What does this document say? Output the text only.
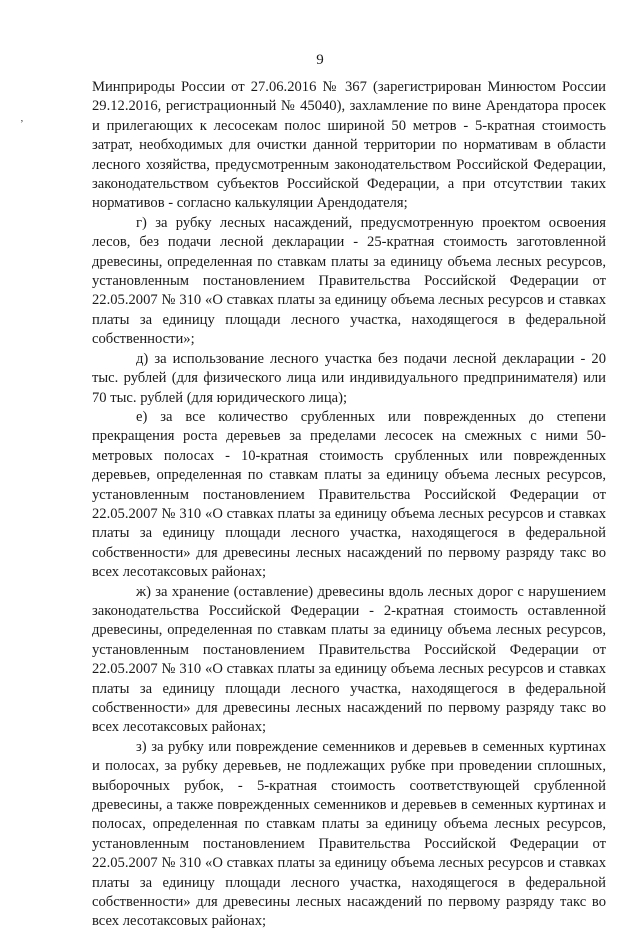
9
ʼ

Минприроды России от 27.06.2016 № 367 (зарегистрирован Минюстом России 29.12.2016, регистрационный № 45040), захламление по вине Арендатора просек и прилегающих к лесосекам полос шириной 50 метров - 5-кратная стоимость затрат, необходимых для очистки данной территории по нормативам в области лесного хозяйства, предусмотренным законодательством Российской Федерации, законодательством субъектов Российской Федерации, а при отсутствии таких нормативов - согласно калькуляции Арендодателя;

г) за рубку лесных насаждений, предусмотренную проектом освоения лесов, без подачи лесной декларации - 25-кратная стоимость заготовленной древесины, определенная по ставкам платы за единицу объема лесных ресурсов, установленным постановлением Правительства Российской Федерации от 22.05.2007 № 310 «О ставках платы за единицу объема лесных ресурсов и ставках платы за единицу площади лесного участка, находящегося в федеральной собственности»;

д) за использование лесного участка без подачи лесной декларации - 20 тыс. рублей (для физического лица или индивидуального предпринимателя) или 70 тыс. рублей (для юридического лица);

е) за все количество срубленных или поврежденных до степени прекращения роста деревьев за пределами лесосек на смежных с ними 50-метровых полосах - 10-кратная стоимость срубленных или поврежденных деревьев, определенная по ставкам платы за единицу объема лесных ресурсов, установленным постановлением Правительства Российской Федерации от 22.05.2007 № 310 «О ставках платы за единицу объема лесных ресурсов и ставках платы за единицу площади лесного участка, находящегося в федеральной собственности» для древесины лесных насаждений по первому разряду такс во всех лесотаксовых районах;

ж) за хранение (оставление) древесины вдоль лесных дорог с нарушением законодательства Российской Федерации - 2-кратная стоимость оставленной древесины, определенная по ставкам платы за единицу объема лесных ресурсов, установленным постановлением Правительства Российской Федерации от 22.05.2007 № 310 «О ставках платы за единицу объема лесных ресурсов и ставках платы за единицу площади лесного участка, находящегося в федеральной собственности» для древесины лесных насаждений по первому разряду такс во всех лесотаксовых районах;

з) за рубку или повреждение семенников и деревьев в семенных куртинах и полосах, за рубку деревьев, не подлежащих рубке при проведении сплошных, выборочных рубок, - 5-кратная стоимость соответствующей срубленной древесины, а также поврежденных семенников и деревьев в семенных куртинах и полосах, определенная по ставкам платы за единицу объема лесных ресурсов, установленным постановлением Правительства Российской Федерации от 22.05.2007 № 310 «О ставках платы за единицу объема лесных ресурсов и ставках платы за единицу площади лесного участка, находящегося в федеральной собственности» для древесины лесных насаждений по первому разряду такс во всех лесотаксовых районах;
